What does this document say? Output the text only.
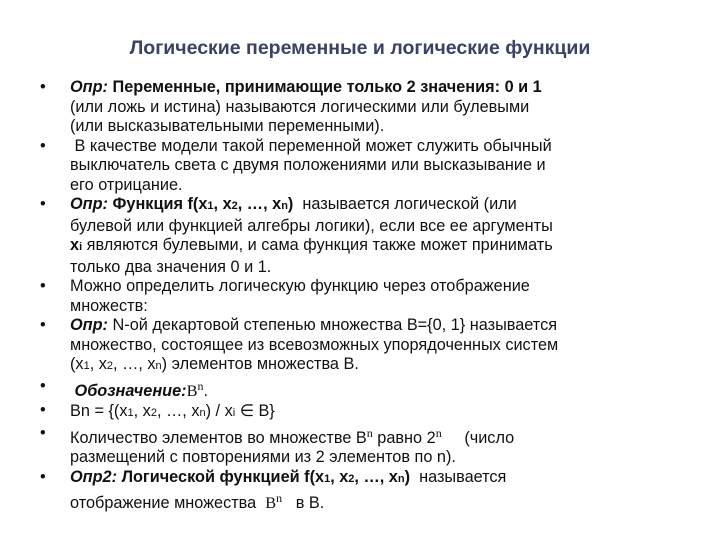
Логические переменные и логические функции
•	Опр: Переменные, принимающие только 2 значения: 0 и 1
(или ложь и истина) называются логическими или булевыми
(или высказывательными переменными).
•	В качестве модели такой переменной может служить обычный
выключатель света с двумя положениями или высказывание и
его отрицание.
•	Опр: Функция f(x1, x2, …, xn) называется логической (или
булевой или функцией алгебры логики), если все ее аргументы
xi являются булевыми, и сама функция также может принимать
только два значения 0 и 1.
•	Можно определить логическую функцию через отображение
множеств:
•	Опр: N-ой декартовой степенью множества B={0, 1} называется
множество, состоящее из всевозможных упорядоченных систем
(x1, x2, …, xn) элементов множества B.
•	$Обозначение:B^n$.
•	Bn = {(x1, x2, …, xn) / xi ∈ B}
•	Количество элементов во множестве $B^n$ равно 2$^n$ (число
размещений с повторениями из 2 элементов по n).
•	Опр2: Логической функцией f(x1, x2, …, xn) называется
отображение множества $B^n$ в B.
